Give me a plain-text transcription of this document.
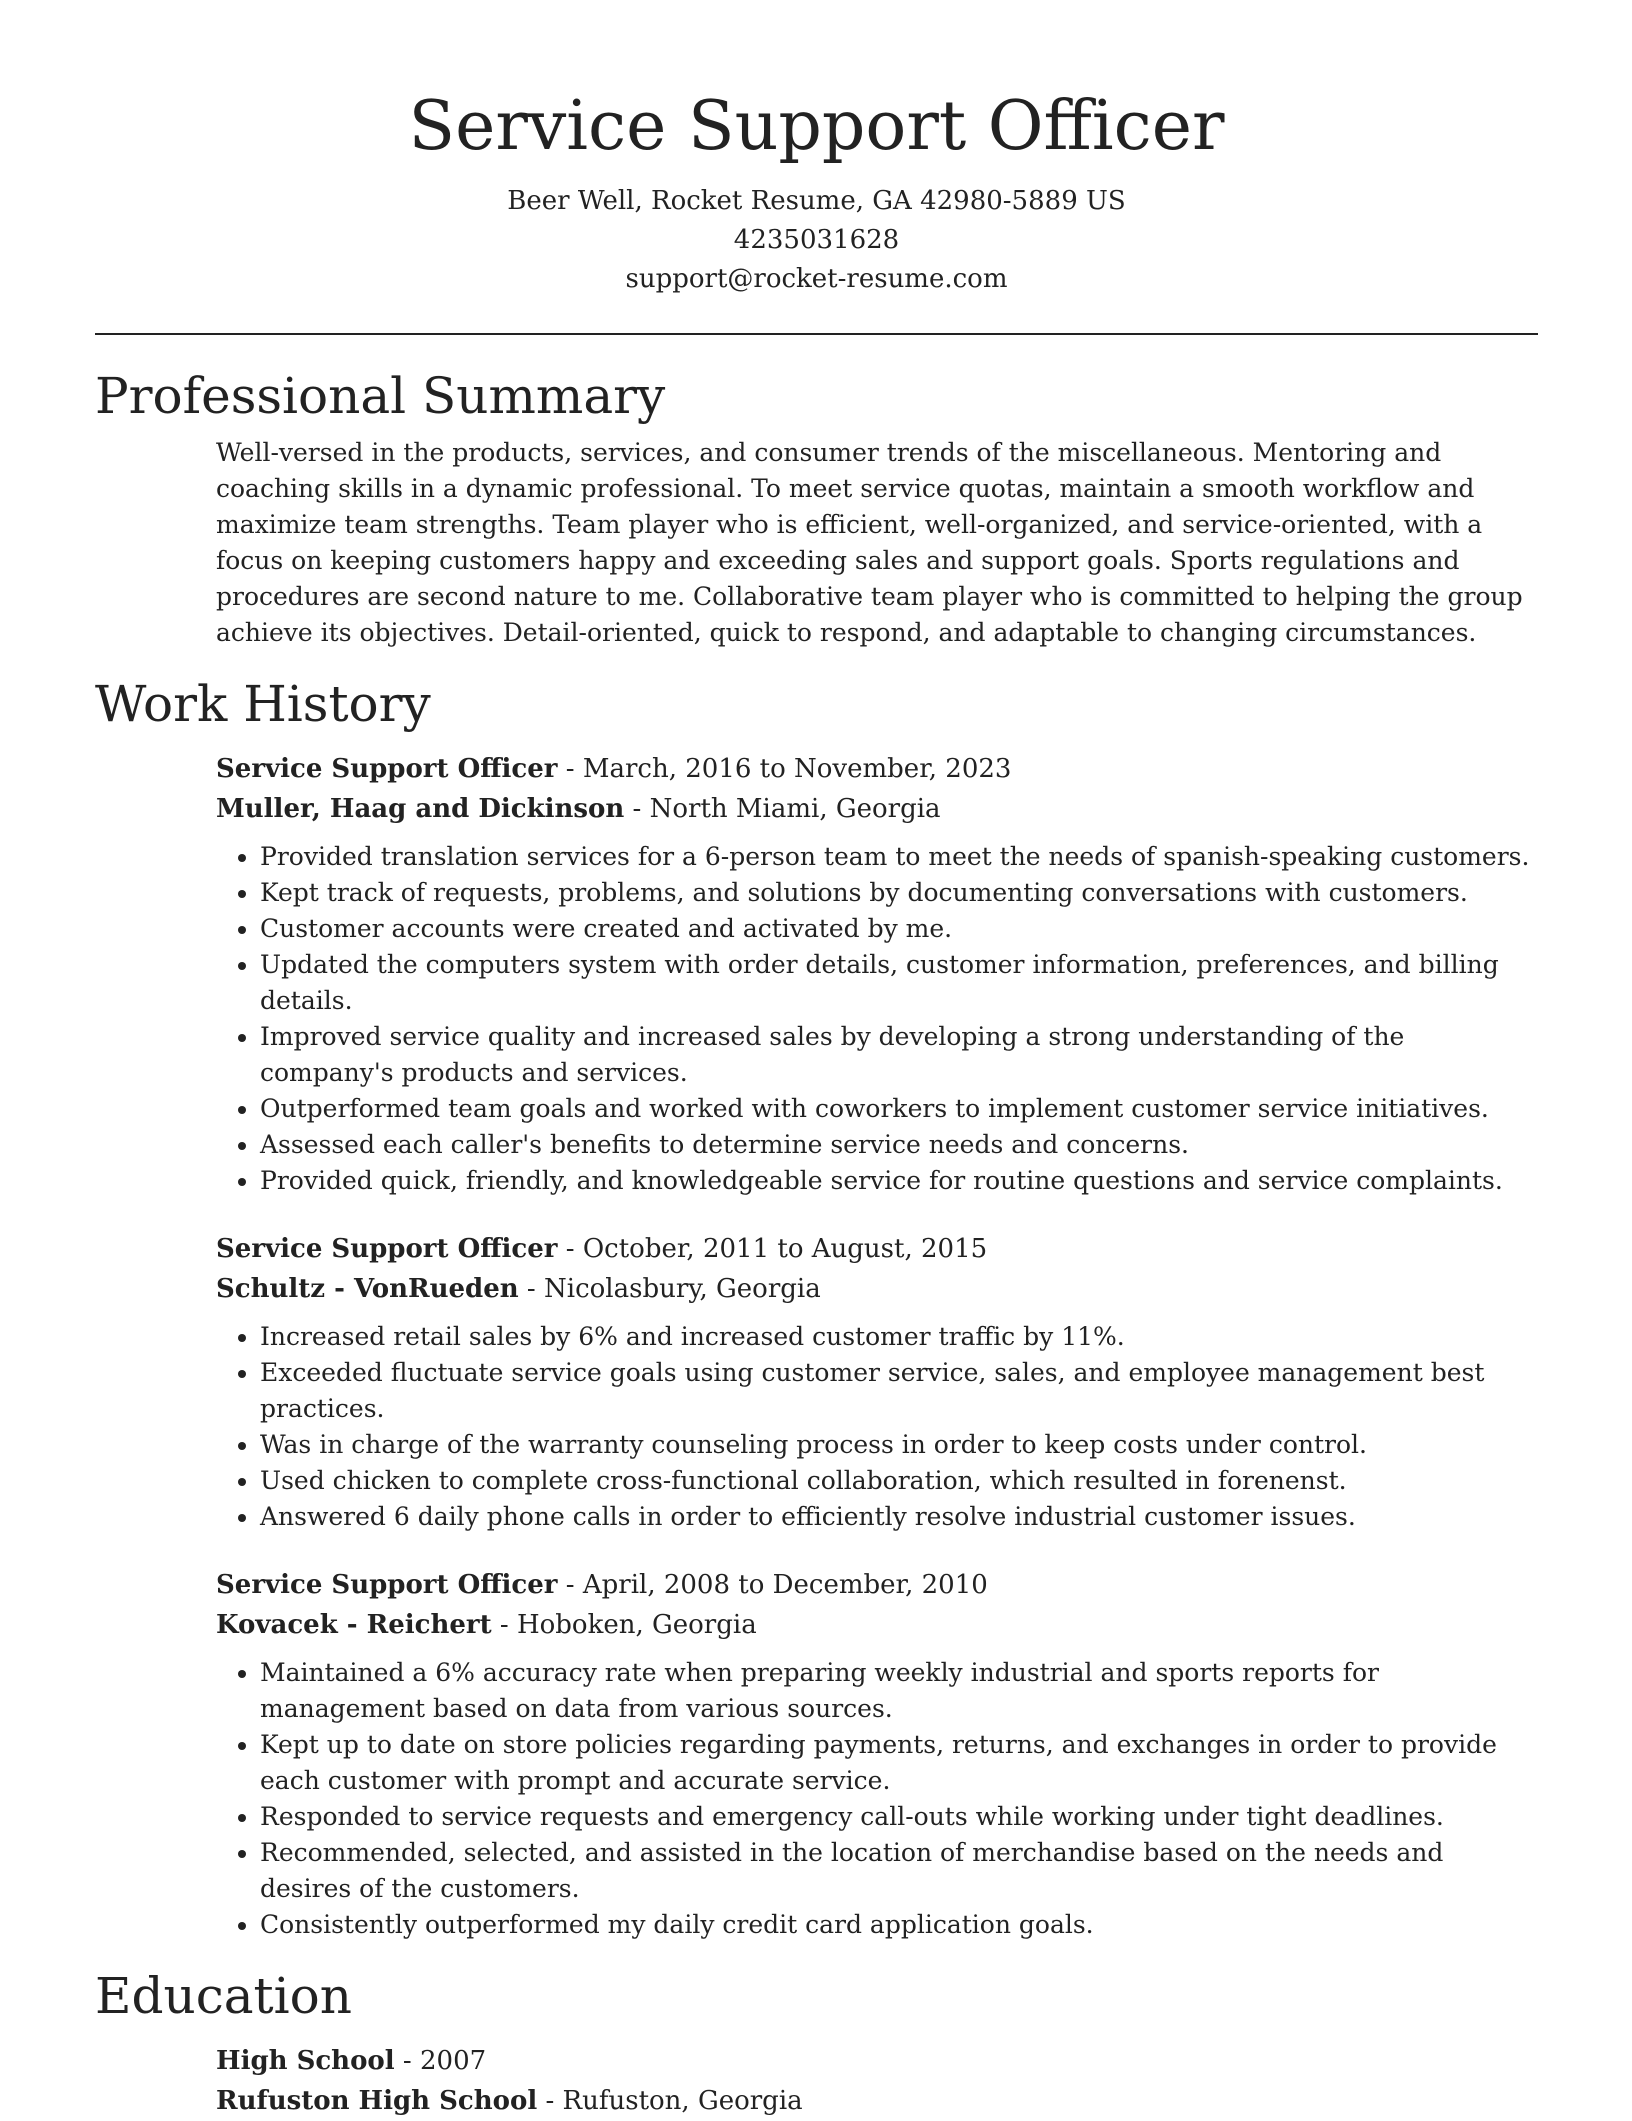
Service Support Officer
Beer Well, Rocket Resume, GA 42980-5889 US
4235031628
support@rocket-resume.com
Professional Summary
Well-versed in the products, services, and consumer trends of the miscellaneous. Mentoring and coaching skills in a dynamic professional. To meet service quotas, maintain a smooth workflow and maximize team strengths. Team player who is efficient, well-organized, and service-oriented, with a focus on keeping customers happy and exceeding sales and support goals. Sports regulations and procedures are second nature to me. Collaborative team player who is committed to helping the group achieve its objectives. Detail-oriented, quick to respond, and adaptable to changing circumstances.
Work History
Service Support Officer - March, 2016 to November, 2023
Muller, Haag and Dickinson - North Miami, Georgia
• Provided translation services for a 6-person team to meet the needs of spanish-speaking customers.
• Kept track of requests, problems, and solutions by documenting conversations with customers.
• Customer accounts were created and activated by me.
• Updated the computers system with order details, customer information, preferences, and billing details.
• Improved service quality and increased sales by developing a strong understanding of the company's products and services.
• Outperformed team goals and worked with coworkers to implement customer service initiatives.
• Assessed each caller's benefits to determine service needs and concerns.
• Provided quick, friendly, and knowledgeable service for routine questions and service complaints.
Service Support Officer - October, 2011 to August, 2015
Schultz - VonRueden - Nicolasbury, Georgia
• Increased retail sales by 6% and increased customer traffic by 11%.
• Exceeded fluctuate service goals using customer service, sales, and employee management best practices.
• Was in charge of the warranty counseling process in order to keep costs under control.
• Used chicken to complete cross-functional collaboration, which resulted in forenenst.
• Answered 6 daily phone calls in order to efficiently resolve industrial customer issues.
Service Support Officer - April, 2008 to December, 2010
Kovacek - Reichert - Hoboken, Georgia
• Maintained a 6% accuracy rate when preparing weekly industrial and sports reports for management based on data from various sources.
• Kept up to date on store policies regarding payments, returns, and exchanges in order to provide each customer with prompt and accurate service.
• Responded to service requests and emergency call-outs while working under tight deadlines.
• Recommended, selected, and assisted in the location of merchandise based on the needs and desires of the customers.
• Consistently outperformed my daily credit card application goals.
Education
High School - 2007
Rufuston High School - Rufuston, Georgia
